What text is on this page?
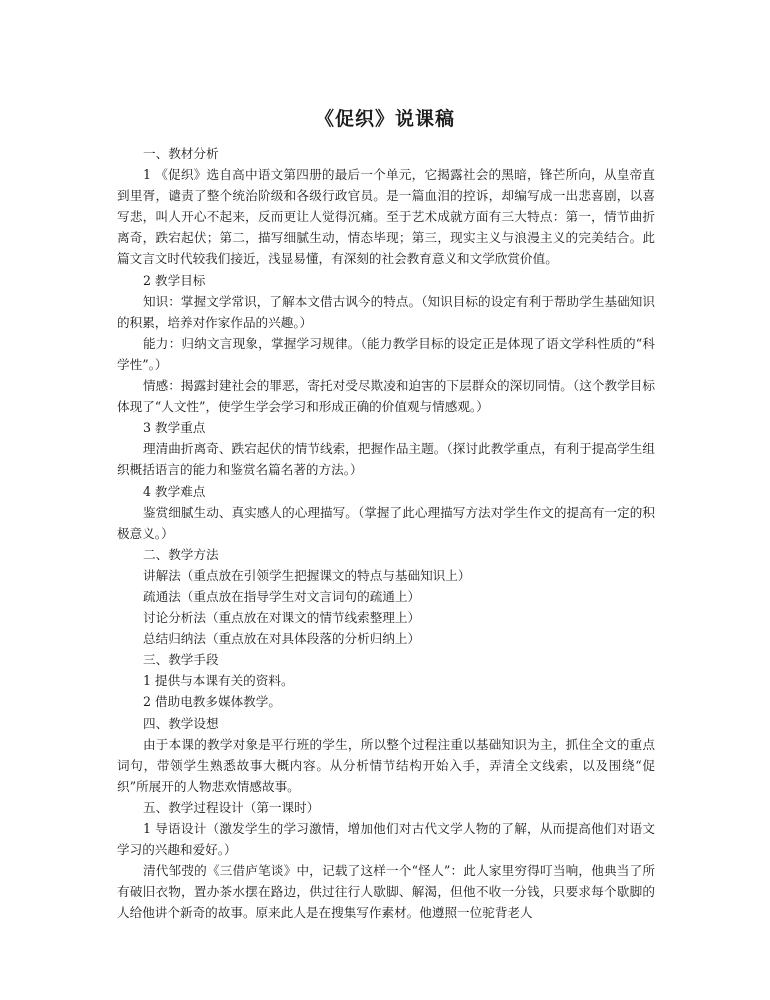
《促织》说课稿

一、教材分析

1 《促织》选自高中语文第四册的最后一个单元，它揭露社会的黑暗，锋芒所向，从皇帝直到里胥，谴责了整个统治阶级和各级行政官员。是一篇血泪的控诉，却编写成一出悲喜剧，以喜写悲，叫人开心不起来，反而更让人觉得沉痛。至于艺术成就方面有三大特点：第一，情节曲折离奇，跌宕起伏；第二，描写细腻生动，情态毕现；第三，现实主义与浪漫主义的完美结合。此篇文言文时代较我们接近，浅显易懂，有深刻的社会教育意义和文学欣赏价值。

2 教学目标

知识：掌握文学常识，了解本文借古讽今的特点。（知识目标的设定有利于帮助学生基础知识的积累，培养对作家作品的兴趣。）

能力：归纳文言现象，掌握学习规律。（能力教学目标的设定正是体现了语文学科性质的“科学性”。）

情感：揭露封建社会的罪恶，寄托对受尽欺凌和迫害的下层群众的深切同情。（这个教学目标体现了“人文性”，使学生学会学习和形成正确的价值观与情感观。）

3 教学重点

理清曲折离奇、跌宕起伏的情节线索，把握作品主题。（探讨此教学重点，有利于提高学生组织概括语言的能力和鉴赏名篇名著的方法。）

4 教学难点

鉴赏细腻生动、真实感人的心理描写。（掌握了此心理描写方法对学生作文的提高有一定的积极意义。）

二、教学方法

讲解法（重点放在引领学生把握课文的特点与基础知识上）

疏通法（重点放在指导学生对文言词句的疏通上）

讨论分析法（重点放在对课文的情节线索整理上）

总结归纳法（重点放在对具体段落的分析归纳上）

三、教学手段

1 提供与本课有关的资料。

2 借助电教多媒体教学。

四、教学设想

由于本课的教学对象是平行班的学生，所以整个过程注重以基础知识为主，抓住全文的重点词句，带领学生熟悉故事大概内容。从分析情节结构开始入手，弄清全文线索，以及围绕“促织”所展开的人物悲欢情感故事。

五、教学过程设计（第一课时）

1 导语设计（激发学生的学习激情，增加他们对古代文学人物的了解，从而提高他们对语文学习的兴趣和爱好。）

清代邹弢的《三借庐笔谈》中，记载了这样一个“怪人”：此人家里穷得叮当响，他典当了所有破旧衣物，置办茶水摆在路边，供过往行人歇脚、解渴，但他不收一分钱，只要求每个歇脚的人给他讲个新奇的故事。原来此人是在搜集写作素材。他遵照一位驼背老人
